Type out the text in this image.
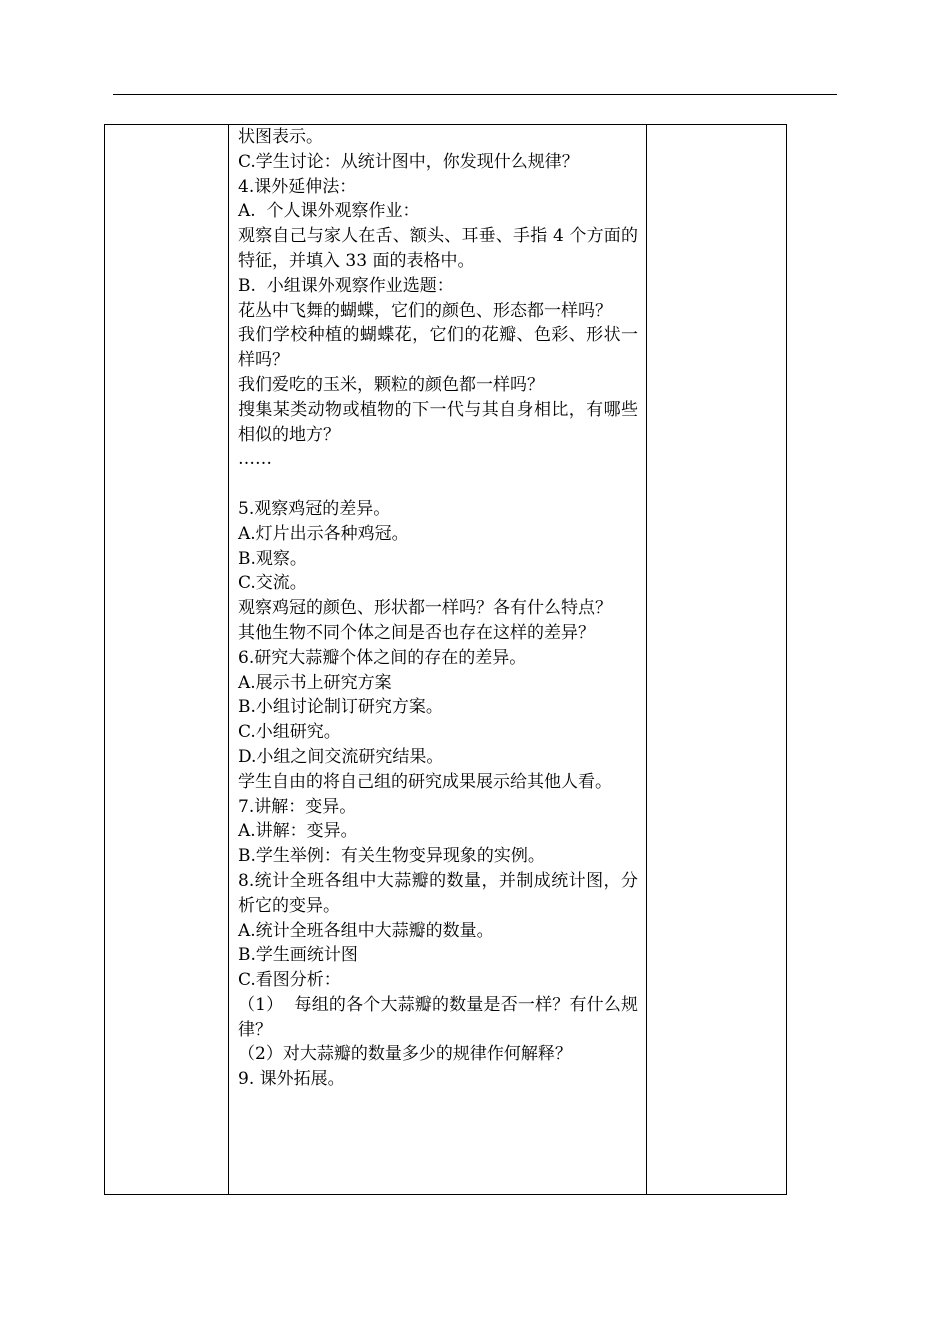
状图表示。
C.学生讨论：从统计图中，你发现什么规律？
4.课外延伸法：
A.  个人课外观察作业：
观察自己与家人在舌、额头、耳垂、手指 4 个方面的特征，并填入 33 面的表格中。
B.  小组课外观察作业选题：
花丛中飞舞的蝴蝶，它们的颜色、形态都一样吗？
我们学校种植的蝴蝶花，它们的花瓣、色彩、形状一样吗？
我们爱吃的玉米，颗粒的颜色都一样吗？
搜集某类动物或植物的下一代与其自身相比，有哪些相似的地方？
……
5.观察鸡冠的差异。
A.灯片出示各种鸡冠。
B.观察。
C.交流。
观察鸡冠的颜色、形状都一样吗？各有什么特点？
其他生物不同个体之间是否也存在这样的差异？
6.研究大蒜瓣个体之间的存在的差异。
A.展示书上研究方案
B.小组讨论制订研究方案。
C.小组研究。
D.小组之间交流研究结果。
学生自由的将自己组的研究成果展示给其他人看。
7.讲解：变异。
A.讲解：变异。
B.学生举例：有关生物变异现象的实例。
8.统计全班各组中大蒜瓣的数量，并制成统计图，分析它的变异。
A.统计全班各组中大蒜瓣的数量。
B.学生画统计图
C.看图分析：
（1）  每组的各个大蒜瓣的数量是否一样？有什么规律？
（2）对大蒜瓣的数量多少的规律作何解释？
9. 课外拓展。
